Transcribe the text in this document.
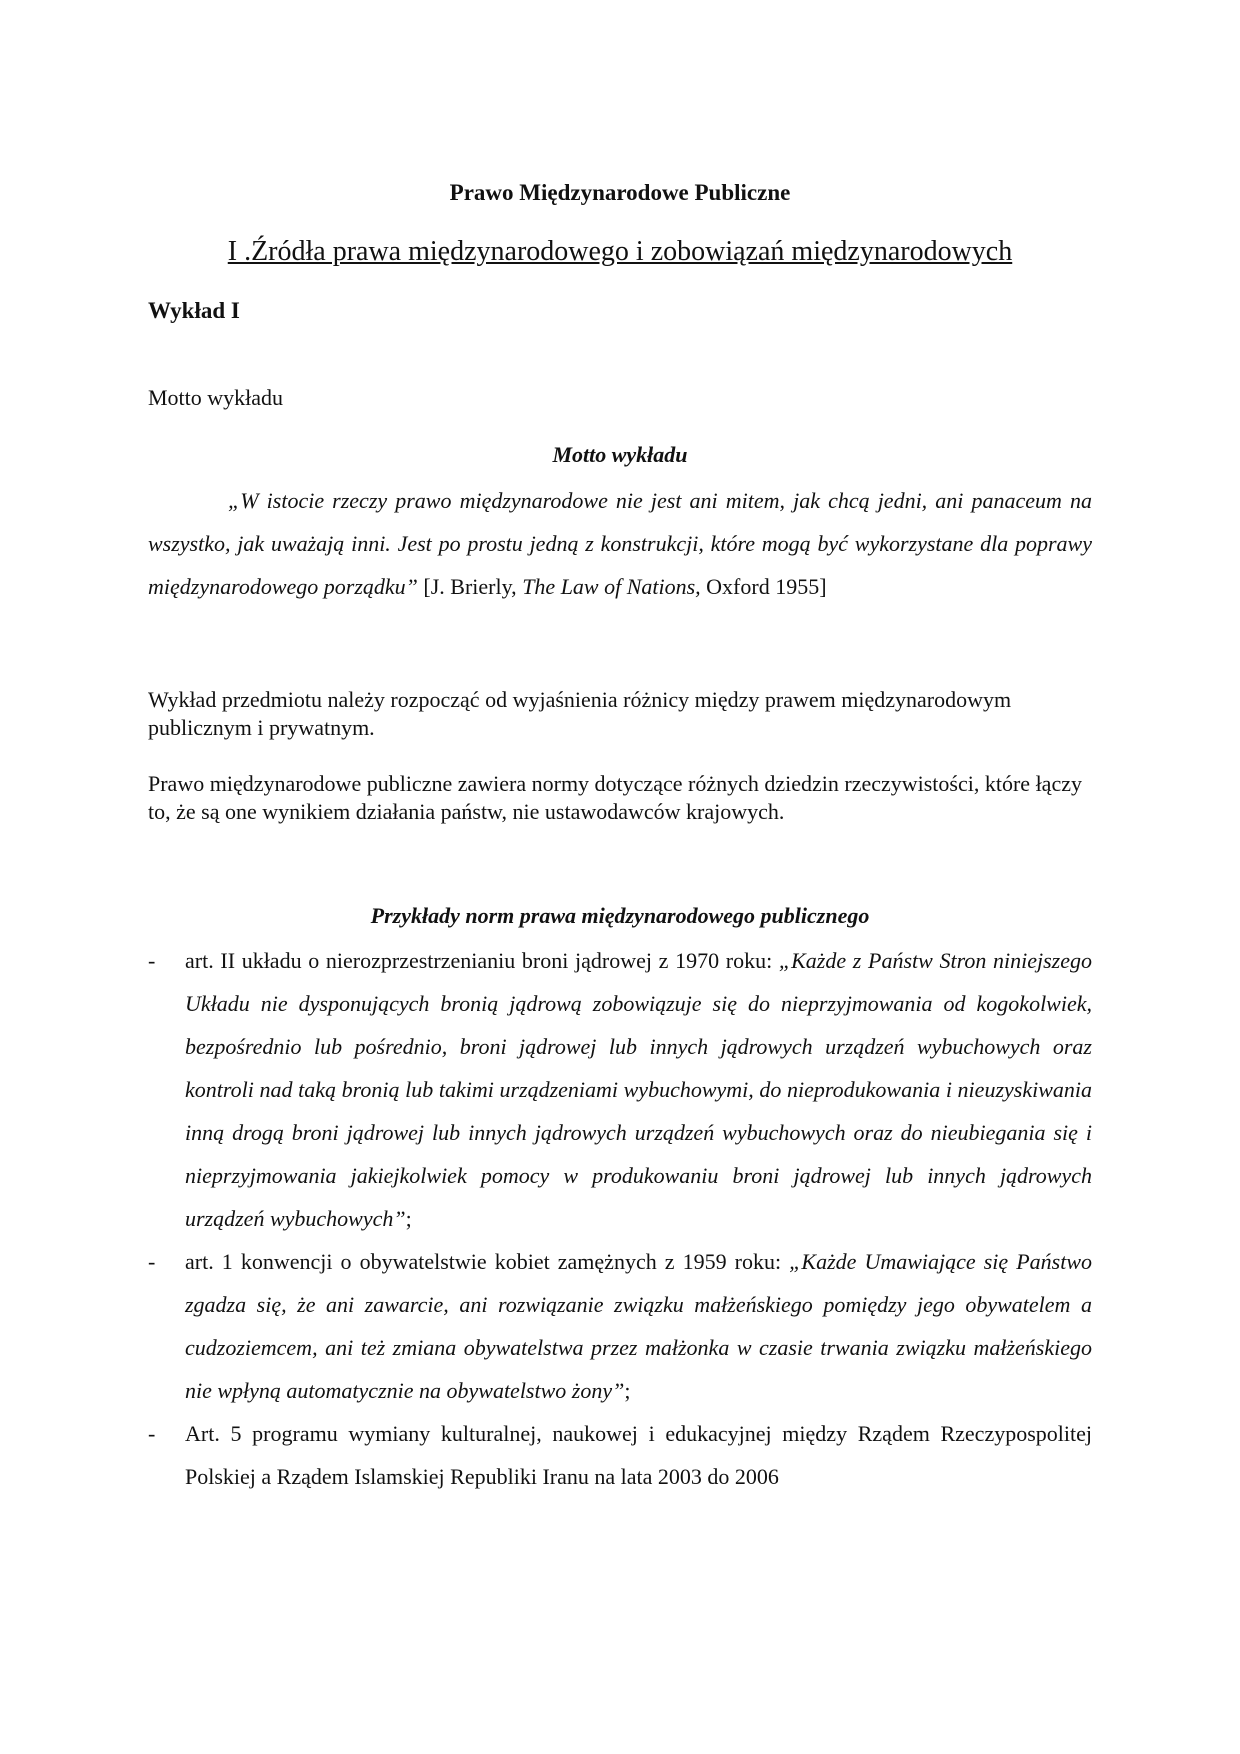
Prawo Międzynarodowe Publiczne

I .Źródła prawa międzynarodowego i zobowiązań międzynarodowych

Wykład I

Motto wykładu

Motto wykładu

„W istocie rzeczy prawo międzynarodowe nie jest ani mitem, jak chcą jedni, ani panaceum na wszystko, jak uważają inni. Jest po prostu jedną z konstrukcji, które mogą być wykorzystane dla poprawy międzynarodowego porządku” [J. Brierly, The Law of Nations, Oxford 1955]

Wykład przedmiotu należy rozpocząć od wyjaśnienia różnicy między prawem międzynarodowym publicznym i prywatnym.

Prawo międzynarodowe publiczne zawiera normy dotyczące różnych dziedzin rzeczywistości, które łączy to, że są one wynikiem działania państw, nie ustawodawców krajowych.

Przykłady norm prawa międzynarodowego publicznego

- art. II układu o nierozprzestrzenianiu broni jądrowej z 1970 roku: „Każde z Państw Stron niniejszego Układu nie dysponujących bronią jądrową zobowiązuje się do nieprzyjmowania od kogokolwiek, bezpośrednio lub pośrednio, broni jądrowej lub innych jądrowych urządzeń wybuchowych oraz kontroli nad taką bronią lub takimi urządzeniami wybuchowymi, do nieprodukowania i nieuzyskiwania inną drogą broni jądrowej lub innych jądrowych urządzeń wybuchowych oraz do nieubiegania się i nieprzyjmowania jakiejkolwiek pomocy w produkowaniu broni jądrowej lub innych jądrowych urządzeń wybuchowych”;
- art. 1 konwencji o obywatelstwie kobiet zamężnych z 1959 roku: „Każde Umawiające się Państwo zgadza się, że ani zawarcie, ani rozwiązanie związku małżeńskiego pomiędzy jego obywatelem a cudzoziemcem, ani też zmiana obywatelstwa przez małżonka w czasie trwania związku małżeńskiego nie wpłyną automatycznie na obywatelstwo żony”;
- Art. 5 programu wymiany kulturalnej, naukowej i edukacyjnej między Rządem Rzeczypospolitej Polskiej a Rządem Islamskiej Republiki Iranu na lata 2003 do 2006
